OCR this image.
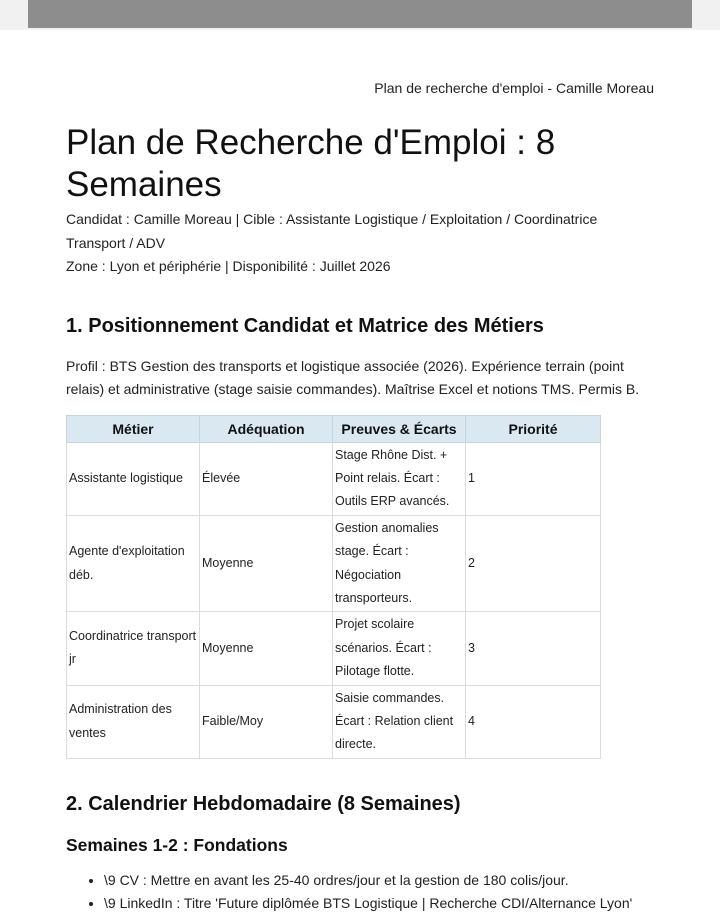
Plan de recherche d'emploi - Camille Moreau
Plan de Recherche d'Emploi : 8 Semaines
Candidat : Camille Moreau | Cible : Assistante Logistique / Exploitation / Coordinatrice Transport / ADV
Zone : Lyon et périphérie | Disponibilité : Juillet 2026
1. Positionnement Candidat et Matrice des Métiers
Profil : BTS Gestion des transports et logistique associée (2026). Expérience terrain (point relais) et administrative (stage saisie commandes). Maîtrise Excel et notions TMS. Permis B.
Métier	Adéquation	Preuves & Écarts	Priorité
Assistante logistique	Élevée	Stage Rhône Dist. + Point relais. Écart : Outils ERP avancés.	1
Agente d'exploitation déb.	Moyenne	Gestion anomalies stage. Écart : Négociation transporteurs.	2
Coordinatrice transport jr	Moyenne	Projet scolaire scénarios. Écart : Pilotage flotte.	3
Administration des ventes	Faible/Moy	Saisie commandes. Écart : Relation client directe.	4
2. Calendrier Hebdomadaire (8 Semaines)
Semaines 1-2 : Fondations
• \9 CV : Mettre en avant les 25-40 ordres/jour et la gestion de 180 colis/jour.
• \9 LinkedIn : Titre 'Future diplômée BTS Logistique | Recherche CDI/Alternance Lyon'
